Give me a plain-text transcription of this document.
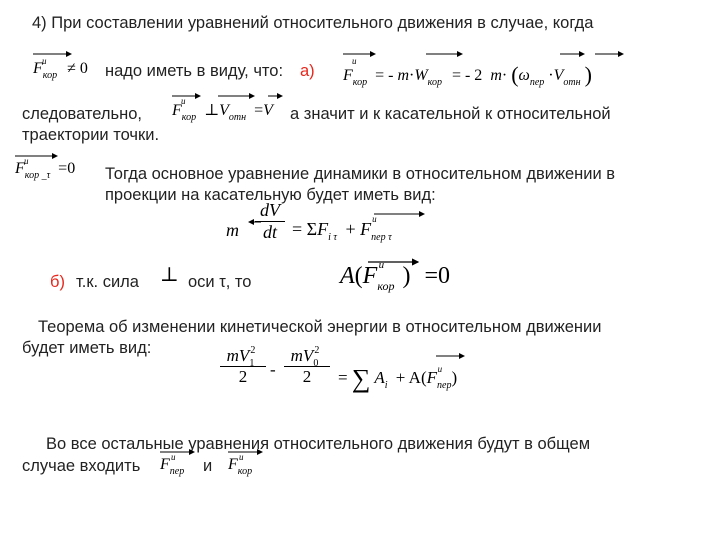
4) При составлении уравнений относительного движения в случае, когда
F и
$_{кор}$ ≠ 0 надо иметь в виду, что: а) F
и
$_{кор}$ = - $m\cdot W_{кор}$ = - 2 $m\cdot (\omega_{пер} \cdot V_{отн}$ )
следовательно, F
и
$_{кор}$ $\perp V_{отн} =V$ а значит и к касательной к относительной
траектории точки.
F и
$_{кор \_\tau}$ =0 Тогда основное уравнение динамики в относительном движении в
проекции на касательную будет иметь вид:
m
dV
dt = $\Sigma F_{i \tau} + F$ и
$_{пер \tau}$
б) т.к. сила ⊥ оси τ, то	A(F и
$_{кор}$ ) =0
Теорема об изменении кинетической энергии в относительном движении
будет иметь вид:	$mV_1^2$
2	-
$mV_0^2$
2	= ∑ $A_i + A(F$ и
$_{пер}$)
Во все остальные уравнения относительного движения будут в общем
случае входить F и
$_{пер}$ и F и
$_{кор}$
